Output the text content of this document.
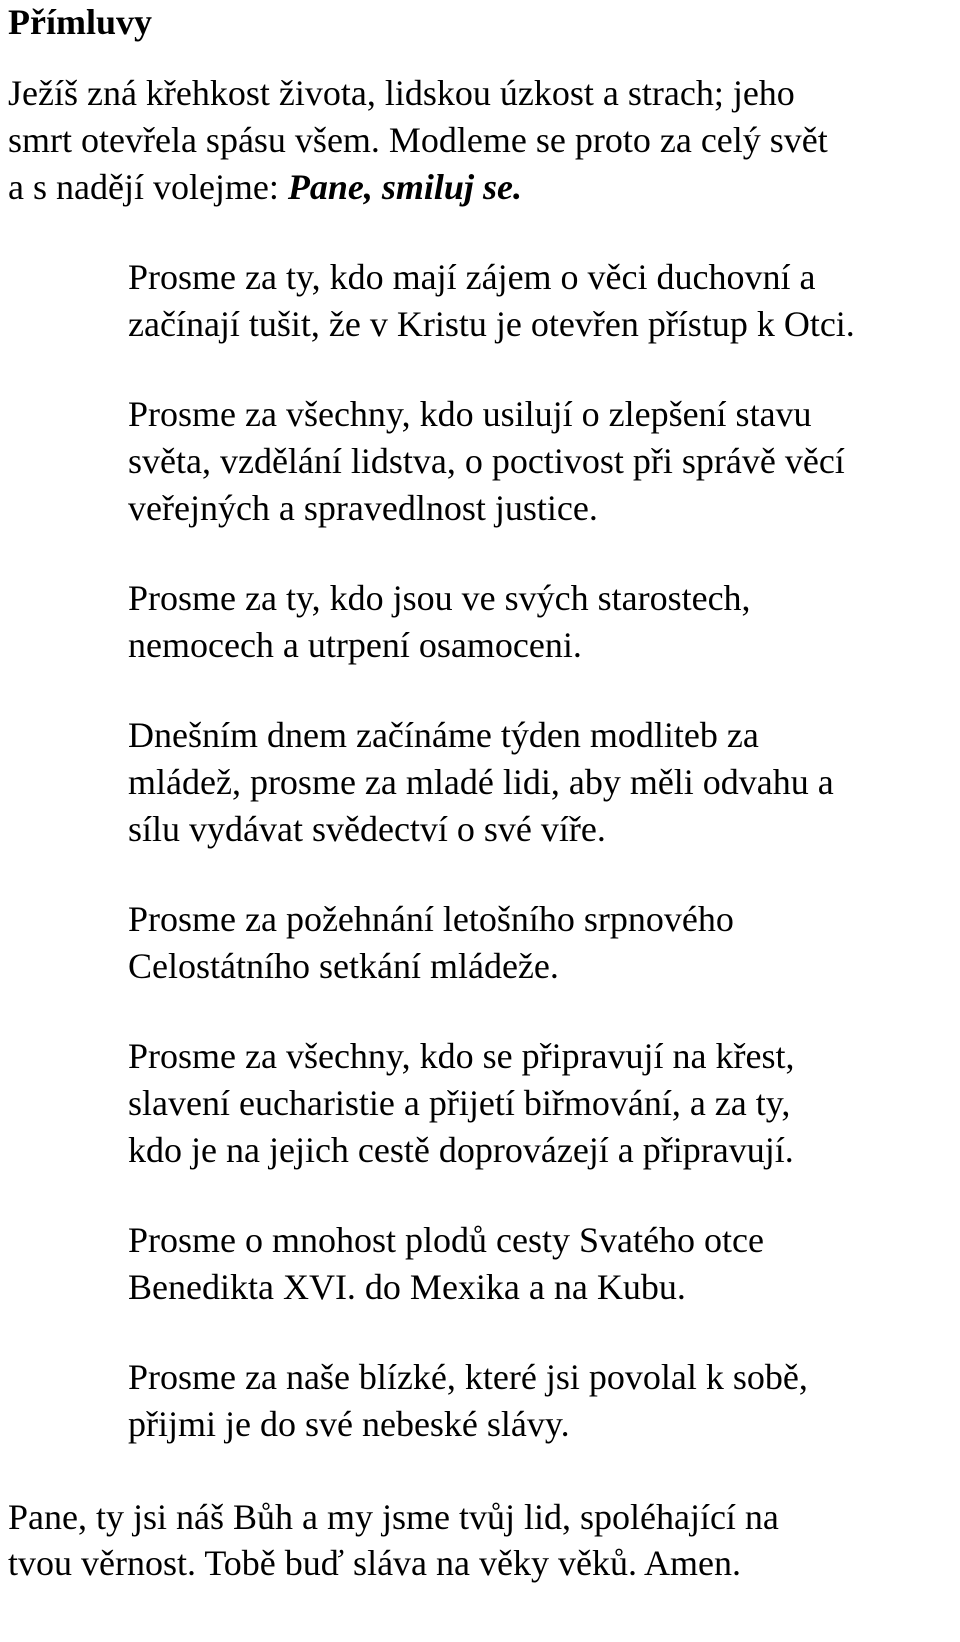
Přímluvy

Ježíš zná křehkost života, lidskou úzkost a strach; jeho
smrt otevřela spásu všem. Modleme se proto za celý svět
a s nadějí volejme: Pane, smiluj se.

Prosme za ty, kdo mají zájem o věci duchovní a
začínají tušit, že v Kristu je otevřen přístup k Otci.
Prosme za všechny, kdo usilují o zlepšení stavu
světa, vzdělání lidstva, o poctivost při správě věcí
veřejných a spravedlnost justice.
Prosme za ty, kdo jsou ve svých starostech,
nemocech a utrpení osamoceni.
Dnešním dnem začínáme týden modliteb za
mládež, prosme za mladé lidi, aby měli odvahu a
sílu vydávat svědectví o své víře.
Prosme za požehnání letošního srpnového
Celostátního setkání mládeže.
Prosme za všechny, kdo se připravují na křest,
slavení eucharistie a přijetí biřmování, a za ty,
kdo je na jejich cestě doprovázejí a připravují.
Prosme o mnohost plodů cesty Svatého otce
Benedikta XVI. do Mexika a na Kubu.
Prosme za naše blízké, které jsi povolal k sobě,
přijmi je do své nebeské slávy.

Pane, ty jsi náš Bůh a my jsme tvůj lid, spoléhající na
tvou věrnost. Tobě buď sláva na věky věků. Amen.
